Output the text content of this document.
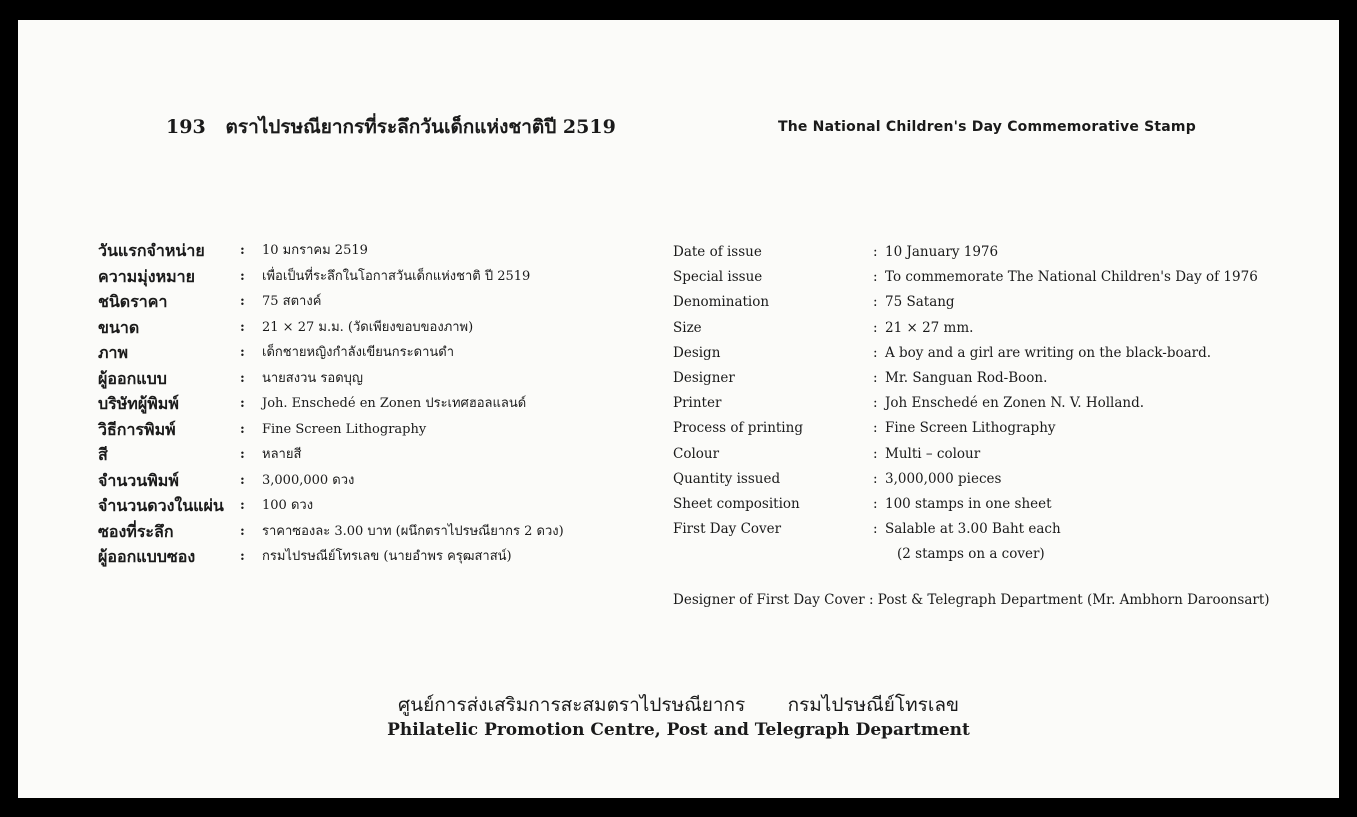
193 ตราไปรษณียากรที่ระลึกวันเด็กแห่งชาติปี 2519	The National Children's Day Commemorative Stamp
วันแรกจำหน่าย
ความมุ่งหมาย
ชนิดราคา
ขนาด
ภาพ
ผู้ออกแบบ
บริษัทผู้พิมพ์
วิธีการพิมพ์
สี
จำนวนพิมพ์
จำนวนดวงในแผ่น
ซองที่ระลึก
ผู้ออกแบบซอง
: 10 มกราคม 2519
: เพื่อเป็นที่ระลึกในโอกาสวันเด็กแห่งชาติ ปี 2519
: 75 สตางค์
: 21 × 27 ม.ม. (วัดเพียงขอบของภาพ)
: เด็กชายหญิงกำลังเขียนกระดานดำ
: นายสงวน รอดบุญ
: Joh. Enschedé en Zonen ประเทศฮอลแลนด์
: Fine Screen Lithography
: หลายสี
: 3,000,000 ดวง
: 100 ดวง
: ราคาซองละ 3.00 บาท (ผนึกตราไปรษณียากร 2 ดวง)
: กรมไปรษณีย์โทรเลข (นายอำพร ครุฒสาสน์)
Date of issue
Special issue
Denomination
Size
Design
Designer
Printer
Process of printing
Colour
Quantity issued
Sheet composition
First Day Cover
: 10 January 1976
: To commemorate The National Children's Day of 1976
: 75 Satang
: 21 × 27 mm.
: A boy and a girl are writing on the black-board.
: Mr. Sanguan Rod-Boon.
: Joh Enschedé en Zonen N. V. Holland.
: Fine Screen Lithography
: Multi – colour
: 3,000,000 pieces
: 100 stamps in one sheet
: Salable at 3.00 Baht each
(2 stamps on a cover)
Designer of First Day Cover : Post & Telegraph Department (Mr. Ambhorn Daroonsart)
ศูนย์การส่งเสริมการสะสมตราไปรษณียากร กรมไปรษณีย์โทรเลข
Philatelic Promotion Centre, Post and Telegraph Department
